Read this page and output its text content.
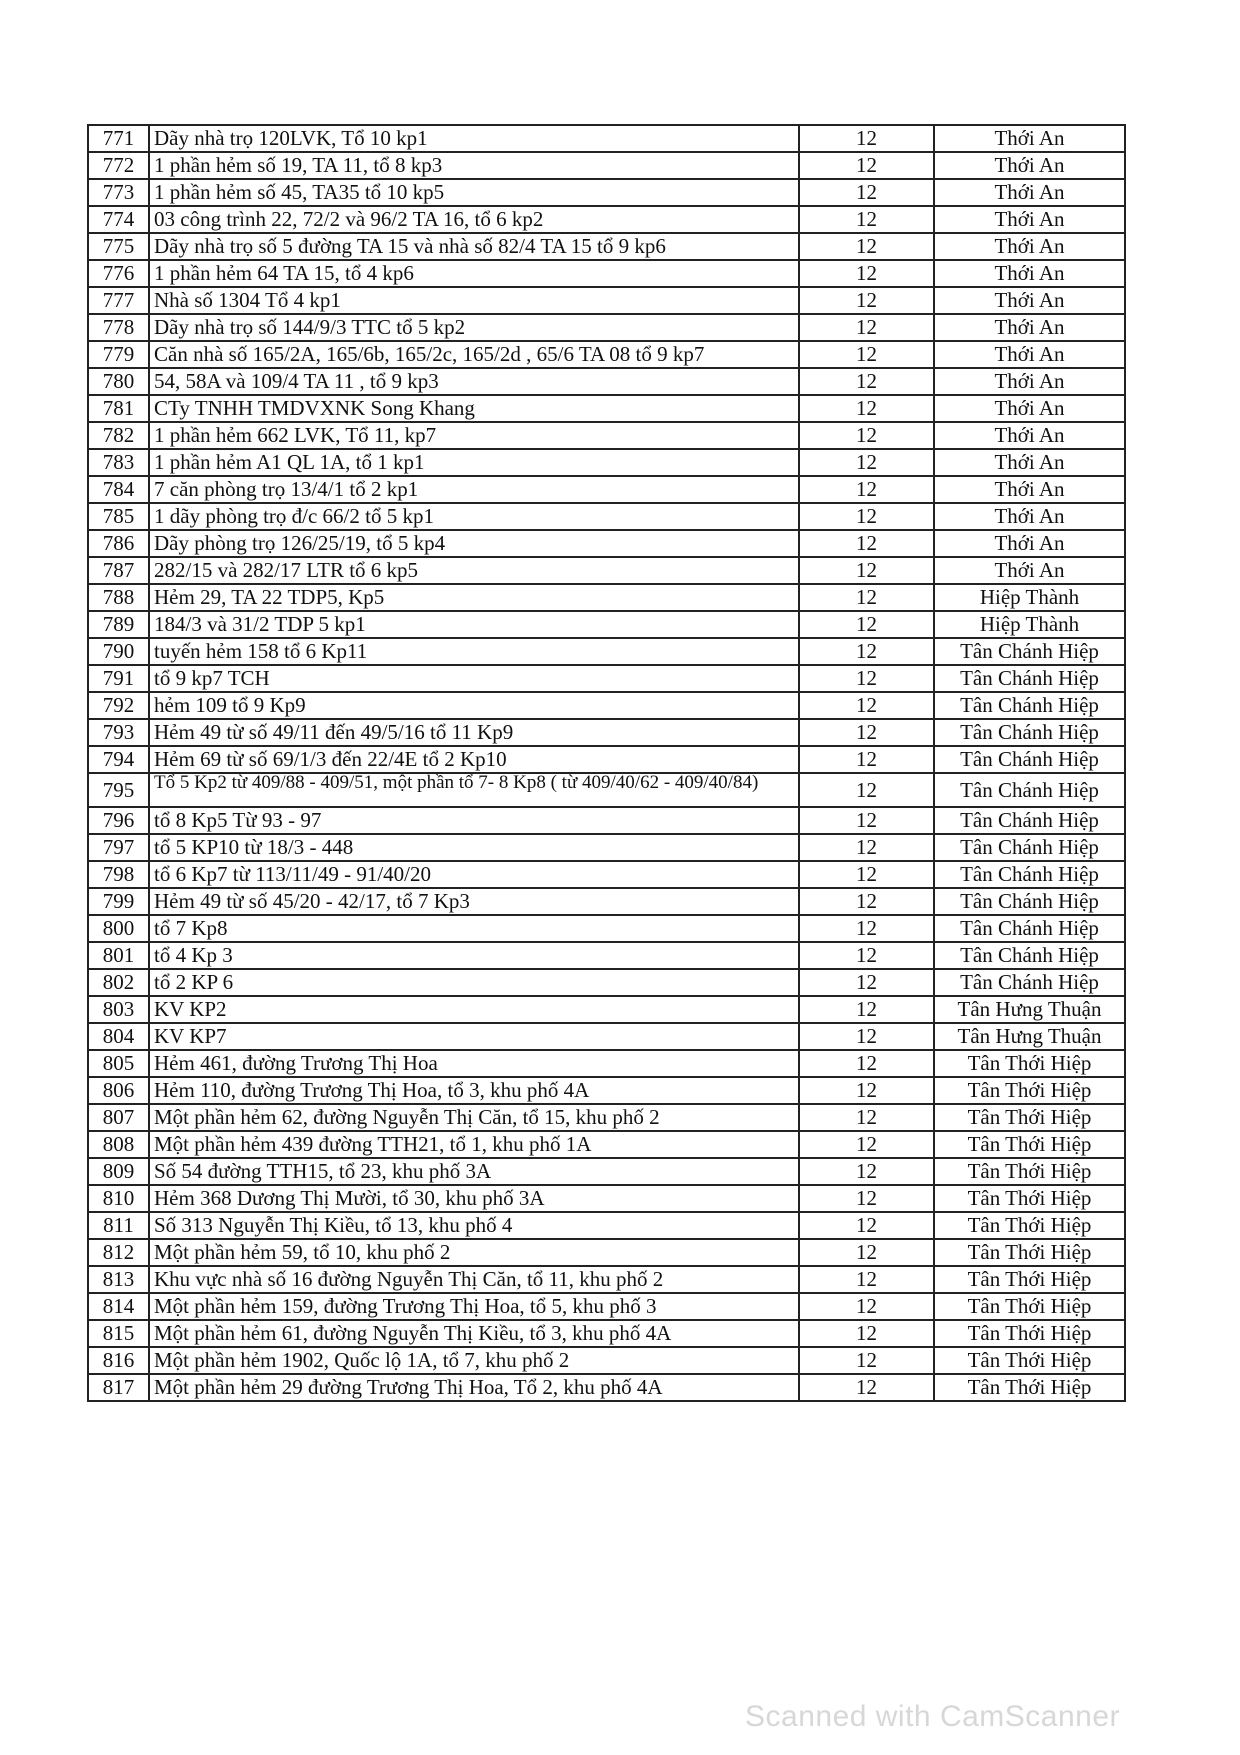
771	Dãy nhà trọ 120LVK, Tổ 10 kp1	12	Thới An
772	1 phần hẻm số 19, TA 11, tổ 8 kp3	12	Thới An
773	1 phần hẻm số 45, TA35 tổ 10 kp5	12	Thới An
774	03 công trình 22, 72/2 và 96/2 TA 16, tổ 6 kp2	12	Thới An
775	Dãy nhà trọ số 5 đường TA 15 và nhà số 82/4 TA 15 tổ 9 kp6	12	Thới An
776	1 phần hẻm 64 TA 15, tổ 4 kp6	12	Thới An
777	Nhà số 1304 Tổ 4 kp1	12	Thới An
778	Dãy nhà trọ số 144/9/3 TTC tổ 5 kp2	12	Thới An
779	Căn nhà số 165/2A, 165/6b, 165/2c, 165/2d , 65/6 TA 08 tổ 9 kp7	12	Thới An
780	54, 58A và 109/4 TA 11 , tổ 9 kp3	12	Thới An
781	CTy TNHH TMDVXNK Song Khang	12	Thới An
782	1 phần hẻm 662 LVK, Tổ 11, kp7	12	Thới An
783	1 phần hẻm A1 QL 1A, tổ 1 kp1	12	Thới An
784	7 căn phòng trọ 13/4/1 tổ 2 kp1	12	Thới An
785	1 dãy phòng trọ đ/c 66/2 tổ 5 kp1	12	Thới An
786	Dãy phòng trọ 126/25/19, tổ 5 kp4	12	Thới An
787	282/15 và 282/17 LTR tổ 6 kp5	12	Thới An
788	Hẻm 29, TA 22 TDP5, Kp5	12	Hiệp Thành
789	184/3 và 31/2 TDP 5 kp1	12	Hiệp Thành
790	tuyến hẻm 158 tổ 6 Kp11	12	Tân Chánh Hiệp
791	tổ 9 kp7 TCH	12	Tân Chánh Hiệp
792	hẻm 109 tổ 9 Kp9	12	Tân Chánh Hiệp
793	Hẻm 49 từ số 49/11 đến 49/5/16 tổ 11 Kp9	12	Tân Chánh Hiệp
794	Hẻm 69 từ số 69/1/3 đến 22/4E tổ 2 Kp10	12	Tân Chánh Hiệp
795	Tổ 5 Kp2 từ 409/88 - 409/51, một phần tổ 7- 8 Kp8 ( từ 409/40/62 - 409/40/84)	12	Tân Chánh Hiệp
796	tổ 8 Kp5 Từ 93 - 97	12	Tân Chánh Hiệp
797	tổ 5 KP10 từ 18/3 - 448	12	Tân Chánh Hiệp
798	tổ 6 Kp7 từ 113/11/49 - 91/40/20	12	Tân Chánh Hiệp
799	Hẻm 49 từ số 45/20 - 42/17, tổ 7 Kp3	12	Tân Chánh Hiệp
800	tổ 7 Kp8	12	Tân Chánh Hiệp
801	tổ 4 Kp 3	12	Tân Chánh Hiệp
802	tổ 2 KP 6	12	Tân Chánh Hiệp
803	KV KP2	12	Tân Hưng Thuận
804	KV KP7	12	Tân Hưng Thuận
805	Hẻm 461, đường Trương Thị Hoa	12	Tân Thới Hiệp
806	Hẻm 110, đường Trương Thị Hoa, tổ 3, khu phố 4A	12	Tân Thới Hiệp
807	Một phần hẻm 62, đường Nguyễn Thị Căn, tổ 15, khu phố 2	12	Tân Thới Hiệp
808	Một phần hẻm 439 đường TTH21, tổ 1, khu phố 1A	12	Tân Thới Hiệp
809	Số 54 đường TTH15, tổ 23, khu phố 3A	12	Tân Thới Hiệp
810	Hẻm 368 Dương Thị Mười, tổ 30, khu phố 3A	12	Tân Thới Hiệp
811	Số 313 Nguyễn Thị Kiều, tổ 13, khu phố 4	12	Tân Thới Hiệp
812	Một phần hẻm 59, tổ 10, khu phố 2	12	Tân Thới Hiệp
813	Khu vực nhà số 16 đường Nguyễn Thị Căn, tổ 11, khu phố 2	12	Tân Thới Hiệp
814	Một phần hẻm 159, đường Trương Thị Hoa, tổ 5, khu phố 3	12	Tân Thới Hiệp
815	Một phần hẻm 61, đường Nguyễn Thị Kiều, tổ 3, khu phố 4A	12	Tân Thới Hiệp
816	Một phần hẻm 1902, Quốc lộ 1A, tổ 7, khu phố 2	12	Tân Thới Hiệp
817	Một phần hẻm 29 đường Trương Thị Hoa, Tổ 2, khu phố 4A	12	Tân Thới Hiệp
Scanned with CamScanner
